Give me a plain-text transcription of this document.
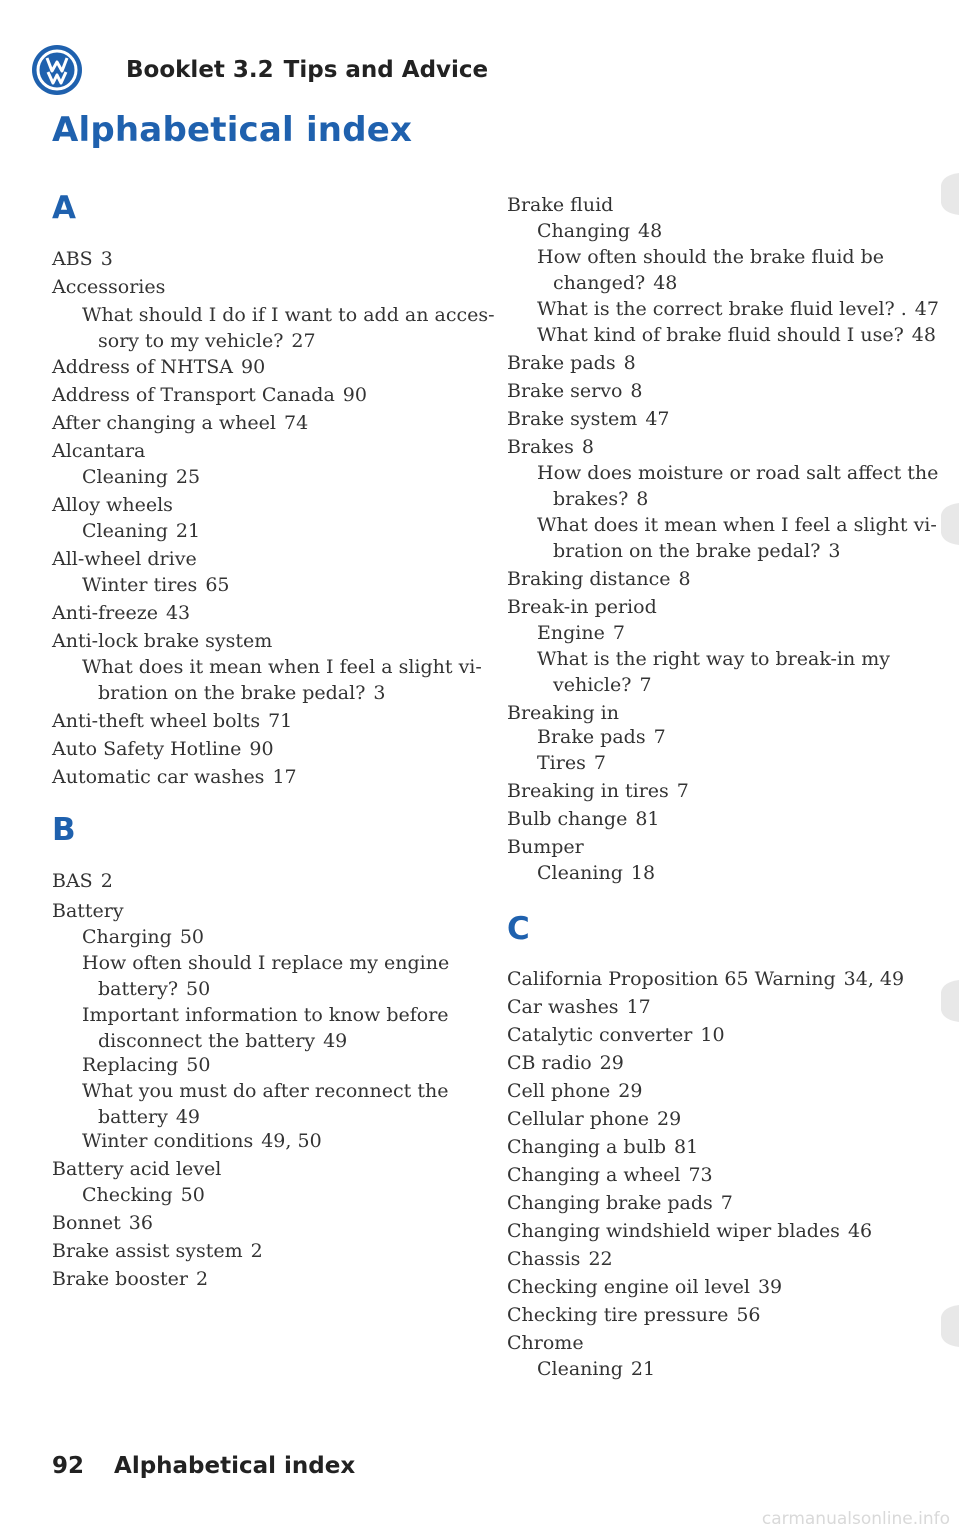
Booklet 3.2 Tips and Advice
Alphabetical index
A
ABS 3
Accessories
What should I do if I want to add an acces-
sory to my vehicle? 27
Address of NHTSA 90
Address of Transport Canada 90
After changing a wheel 74
Alcantara
Cleaning 25
Alloy wheels
Cleaning 21
All-wheel drive
Winter tires 65
Anti-freeze 43
Anti-lock brake system
What does it mean when I feel a slight vi-
bration on the brake pedal? 3
Anti-theft wheel bolts 71
Auto Safety Hotline 90
Automatic car washes 17
B
BAS 2
Battery
Charging 50
How often should I replace my engine
battery? 50
Important information to know before
disconnect the battery 49
Replacing 50
What you must do after reconnect the
battery 49
Winter conditions 49, 50
Battery acid level
Checking 50
Bonnet 36
Brake assist system 2
Brake booster 2
Brake fluid
Changing 48
How often should the brake fluid be
changed? 48
What is the correct brake fluid level? . 47
What kind of brake fluid should I use? 48
Brake pads 8
Brake servo 8
Brake system 47
Brakes 8
How does moisture or road salt affect the
brakes? 8
What does it mean when I feel a slight vi-
bration on the brake pedal? 3
Braking distance 8
Break-in period
Engine 7
What is the right way to break-in my
vehicle? 7
Breaking in
Brake pads 7
Tires 7
Breaking in tires 7
Bulb change 81
Bumper
Cleaning 18
C
California Proposition 65 Warning 34, 49
Car washes 17
Catalytic converter 10
CB radio 29
Cell phone 29
Cellular phone 29
Changing a bulb 81
Changing a wheel 73
Changing brake pads 7
Changing windshield wiper blades 46
Chassis 22
Checking engine oil level 39
Checking tire pressure 56
Chrome
Cleaning 21
92 Alphabetical index
carmanualsonline.info
